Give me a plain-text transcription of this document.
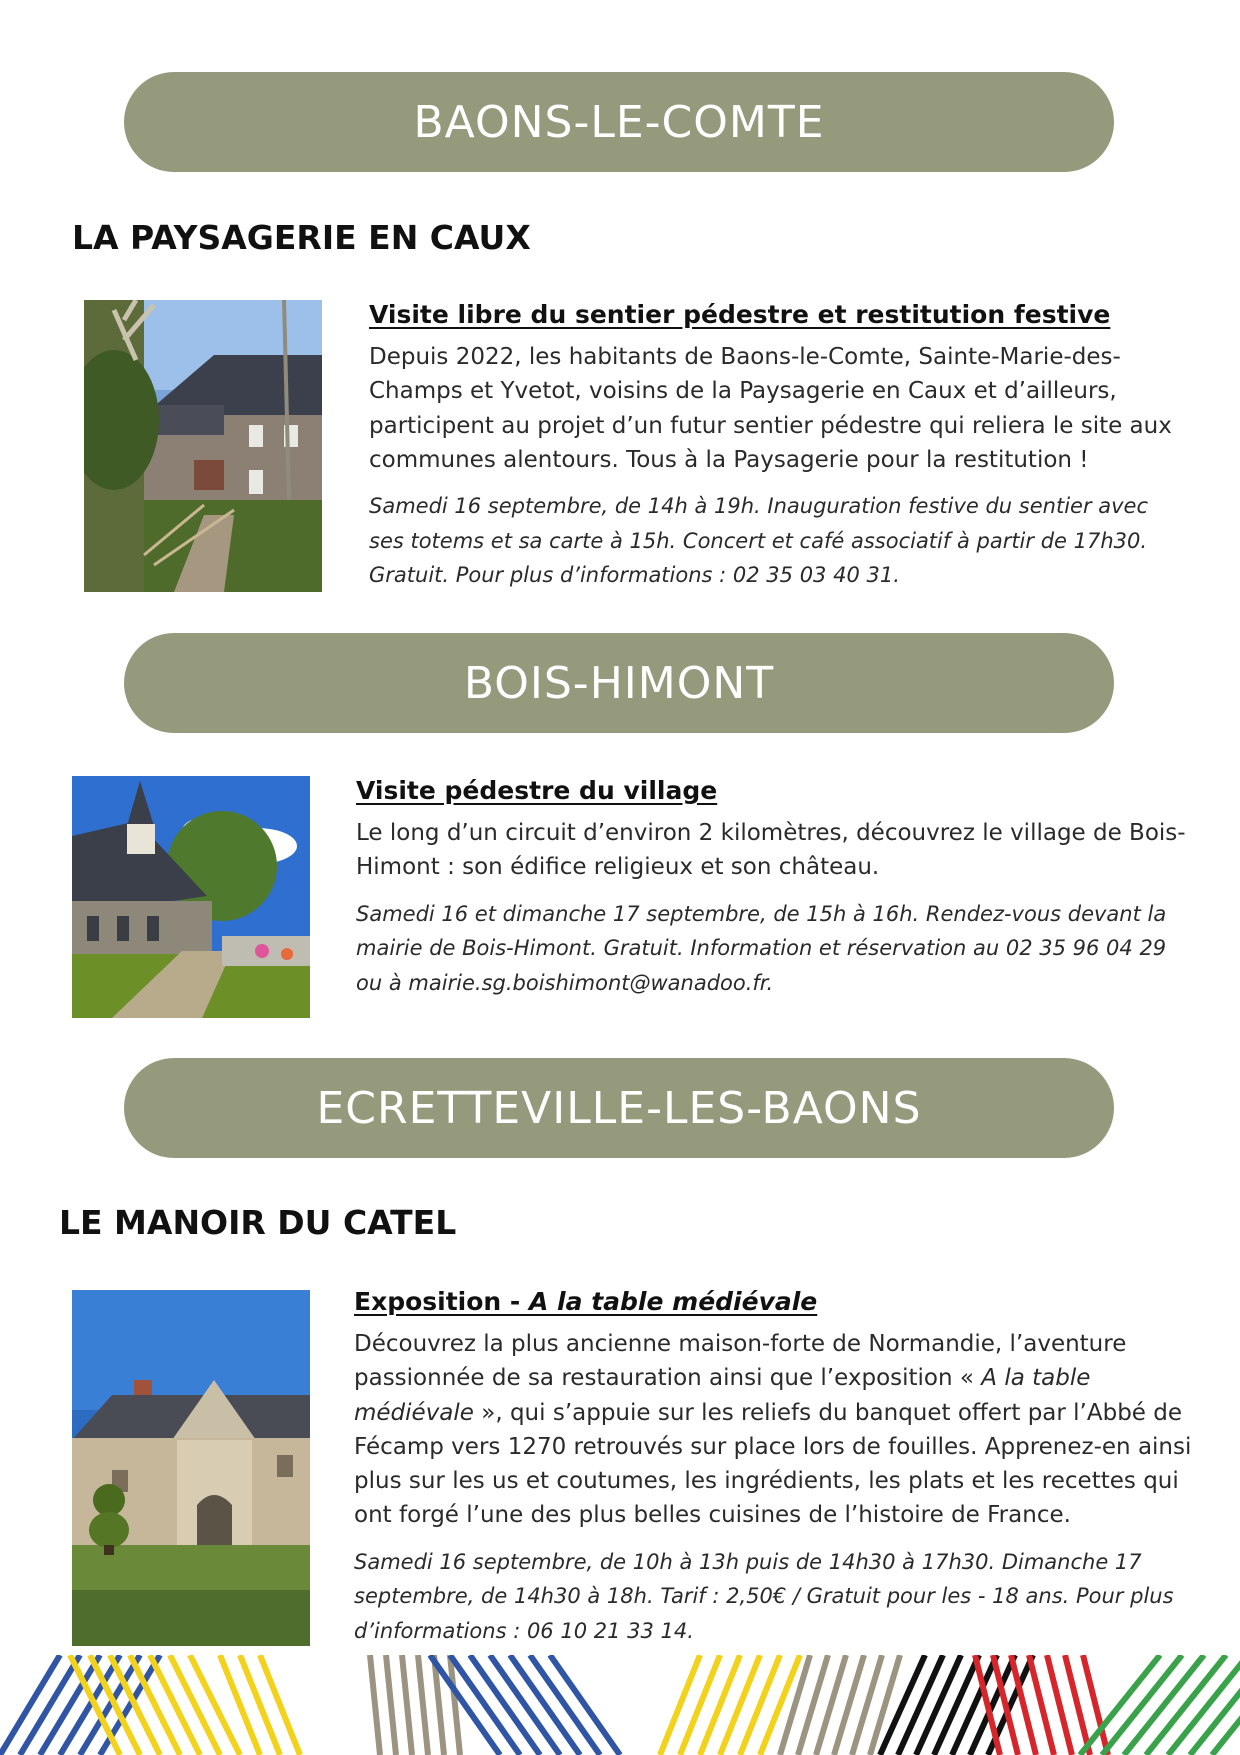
BAONS-LE-COMTE
LA PAYSAGERIE EN CAUX
Visite libre du sentier pédestre et restitution festive

Depuis 2022, les habitants de Baons-le-Comte, Sainte-Marie-des-Champs et Yvetot, voisins de la Paysagerie en Caux et d’ailleurs, participent au projet d’un futur sentier pédestre qui reliera le site aux communes alentours. Tous à la Paysagerie pour la restitution !

Samedi 16 septembre, de 14h à 19h. Inauguration festive du sentier avec ses totems et sa carte à 15h. Concert et café associatif à partir de 17h30. Gratuit. Pour plus d’informations : 02 35 03 40 31.

BOIS-HIMONT
Visite pédestre du village

Le long d’un circuit d’environ 2 kilomètres, découvrez le village de Bois-Himont : son édifice religieux et son château.

Samedi 16 et dimanche 17 septembre, de 15h à 16h. Rendez-vous devant la mairie de Bois-Himont. Gratuit. Information et réservation au 02 35 96 04 29 ou à mairie.sg.boishimont@wanadoo.fr.

ECRETTEVILLE-LES-BAONS
LE MANOIR DU CATEL
Exposition - A la table médiévale

Découvrez la plus ancienne maison-forte de Normandie, l’aventure passionnée de sa restauration ainsi que l’exposition « A la table médiévale », qui s’appuie sur les reliefs du banquet offert par l’Abbé de Fécamp vers 1270 retrouvés sur place lors de fouilles. Apprenez-en ainsi plus sur les us et coutumes, les ingrédients, les plats et les recettes qui ont forgé l’une des plus belles cuisines de l’histoire de France.

Samedi 16 septembre, de 10h à 13h puis de 14h30 à 17h30. Dimanche 17 septembre, de 14h30 à 18h. Tarif : 2,50€ / Gratuit pour les - 18 ans. Pour plus d’informations : 06 10 21 33 14.
